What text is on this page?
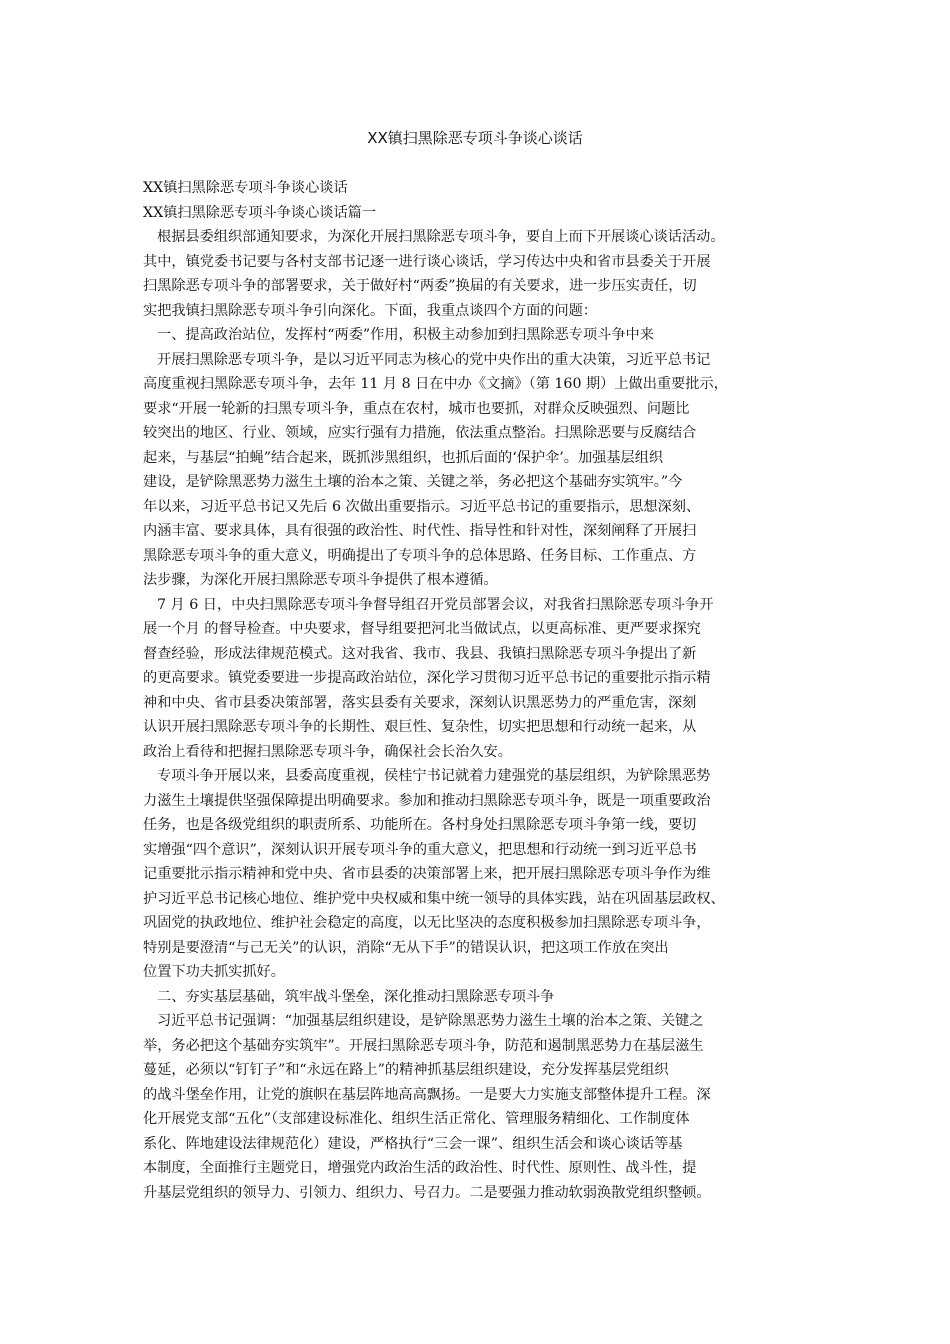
XX镇扫黑除恶专项斗争谈心谈话
XX镇扫黑除恶专项斗争谈心谈话
XX镇扫黑除恶专项斗争谈心谈话篇一
根据县委组织部通知要求，为深化开展扫黑除恶专项斗争，要自上而下开展谈心谈话活动。
其中，镇党委书记要与各村支部书记逐一进行谈心谈话，学习传达中央和省市县委关于开展
扫黑除恶专项斗争的部署要求，关于做好村“两委”换届的有关要求，进一步压实责任，切
实把我镇扫黑除恶专项斗争引向深化。下面，我重点谈四个方面的问题：
一、提高政治站位，发挥村“两委”作用，积极主动参加到扫黑除恶专项斗争中来
开展扫黑除恶专项斗争，是以习近平同志为核心的党中央作出的重大决策，习近平总书记
高度重视扫黑除恶专项斗争，去年 11 月 8 日在中办《文摘》（第 160 期）上做出重要批示，
要求“开展一轮新的扫黑专项斗争，重点在农村，城市也要抓，对群众反映强烈、问题比
较突出的地区、行业、领域，应实行强有力措施，依法重点整治。扫黑除恶要与反腐结合
起来，与基层“拍蝇”结合起来，既抓涉黑组织，也抓后面的‘保护伞’。加强基层组织
建设，是铲除黑恶势力滋生土壤的治本之策、关键之举，务必把这个基础夯实筑牢。”今
年以来，习近平总书记又先后 6 次做出重要指示。习近平总书记的重要指示，思想深刻、
内涵丰富、要求具体，具有很强的政治性、时代性、指导性和针对性，深刻阐释了开展扫
黑除恶专项斗争的重大意义，明确提出了专项斗争的总体思路、任务目标、工作重点、方
法步骤，为深化开展扫黑除恶专项斗争提供了根本遵循。
7 月 6 日，中央扫黑除恶专项斗争督导组召开党员部署会议，对我省扫黑除恶专项斗争开
展一个月 的督导检查。中央要求，督导组要把河北当做试点，以更高标准、更严要求探究
督查经验，形成法律规范模式。这对我省、我市、我县、我镇扫黑除恶专项斗争提出了新
的更高要求。镇党委要进一步提高政治站位，深化学习贯彻习近平总书记的重要批示指示精
神和中央、省市县委决策部署，落实县委有关要求，深刻认识黑恶势力的严重危害，深刻
认识开展扫黑除恶专项斗争的长期性、艰巨性、复杂性，切实把思想和行动统一起来，从
政治上看待和把握扫黑除恶专项斗争，确保社会长治久安。
专项斗争开展以来，县委高度重视，侯桂宁书记就着力建强党的基层组织，为铲除黑恶势
力滋生土壤提供坚强保障提出明确要求。参加和推动扫黑除恶专项斗争，既是一项重要政治
任务，也是各级党组织的职责所系、功能所在。各村身处扫黑除恶专项斗争第一线，要切
实增强“四个意识”，深刻认识开展专项斗争的重大意义，把思想和行动统一到习近平总书
记重要批示指示精神和党中央、省市县委的决策部署上来，把开展扫黑除恶专项斗争作为维
护习近平总书记核心地位、维护党中央权威和集中统一领导的具体实践，站在巩固基层政权、
巩固党的执政地位、维护社会稳定的高度，以无比坚决的态度积极参加扫黑除恶专项斗争，
特别是要澄清“与己无关”的认识，消除“无从下手”的错误认识，把这项工作放在突出
位置下功夫抓实抓好。
二、夯实基层基础，筑牢战斗堡垒，深化推动扫黑除恶专项斗争
习近平总书记强调：“加强基层组织建设，是铲除黑恶势力滋生土壤的治本之策、关键之
举，务必把这个基础夯实筑牢”。开展扫黑除恶专项斗争，防范和遏制黑恶势力在基层滋生
蔓延，必须以“钉钉子”和“永远在路上”的精神抓基层组织建设，充分发挥基层党组织
的战斗堡垒作用，让党的旗帜在基层阵地高高飘扬。一是要大力实施支部整体提升工程。深
化开展党支部“五化”（支部建设标准化、组织生活正常化、管理服务精细化、工作制度体
系化、阵地建设法律规范化）建设，严格执行“三会一课”、组织生活会和谈心谈话等基
本制度，全面推行主题党日，增强党内政治生活的政治性、时代性、原则性、战斗性，提
升基层党组织的领导力、引领力、组织力、号召力。二是要强力推动软弱涣散党组织整顿。
